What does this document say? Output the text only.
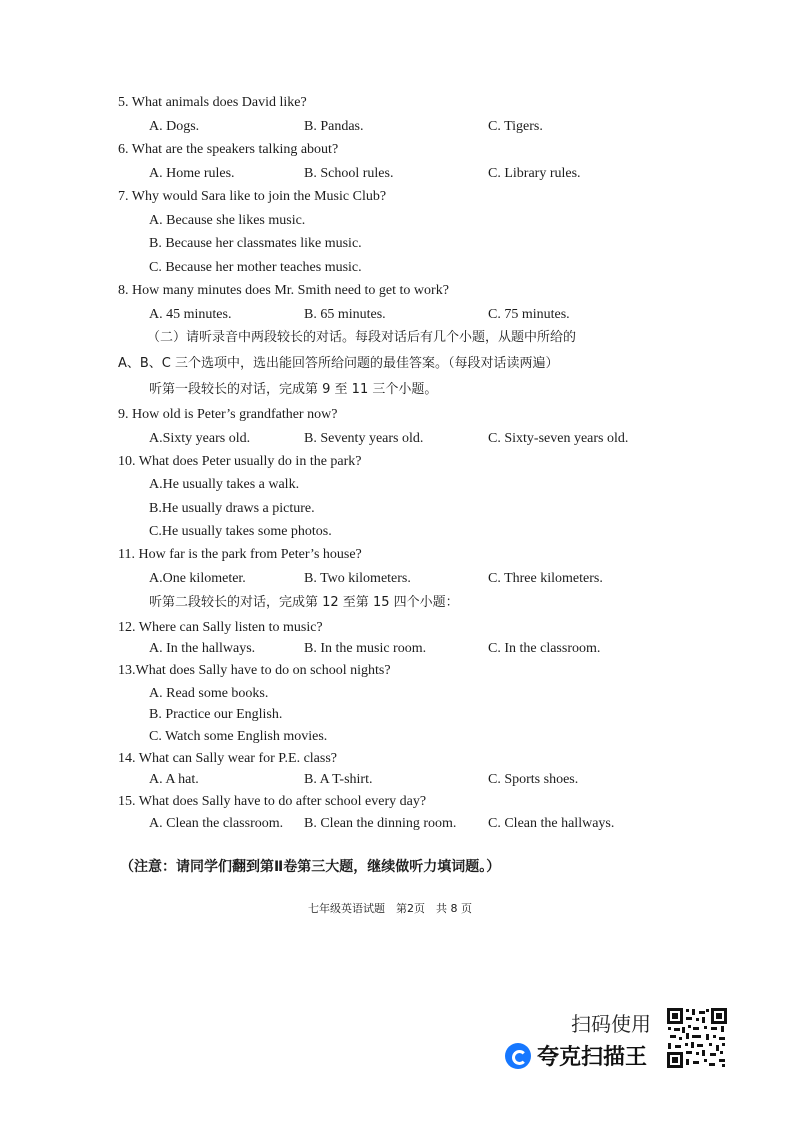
5. What animals does David like?
A. Dogs.	B. Pandas.	C. Tigers.
6. What are the speakers talking about?
A. Home rules.	B. School rules.	C. Library rules.
7. Why would Sara like to join the Music Club?
A. Because she likes music.
B. Because her classmates like music.
C. Because her mother teaches music.
8. How many minutes does Mr. Smith need to get to work?
A. 45 minutes.	B. 65 minutes.	C. 75 minutes.
（二）请听录音中两段较长的对话。每段对话后有几个小题，从题中所给的
A、B、C 三个选项中，选出能回答所给问题的最佳答案。（每段对话读两遍）
听第一段较长的对话，完成第 9 至 11 三个小题。
9. How old is Peter’s grandfather now?
A.Sixty years old.	B. Seventy years old.	C. Sixty-seven years old.
10. What does Peter usually do in the park?
A.He usually takes a walk.
B.He usually draws a picture.
C.He usually takes some photos.
11. How far is the park from Peter’s house?
A.One kilometer.	B. Two kilometers.	C. Three kilometers.
听第二段较长的对话，完成第 12 至第 15 四个小题：
12. Where can Sally listen to music?
A. In the hallways.	B. In the music room.	C. In the classroom.
13.What does Sally have to do on school nights?
A. Read some books.
B. Practice our English.
C. Watch some English movies.
14. What can Sally wear for P.E. class?
A. A hat.	B. A T-shirt.	C. Sports shoes.
15. What does Sally have to do after school every day?
A. Clean the classroom. B. Clean the dinning room. C. Clean the hallways.
（注意：请同学们翻到第Ⅱ卷第三大题，继续做听力填词题。）
七年级英语试题　第2页　共 8 页
扫码使用
夸克扫描王
